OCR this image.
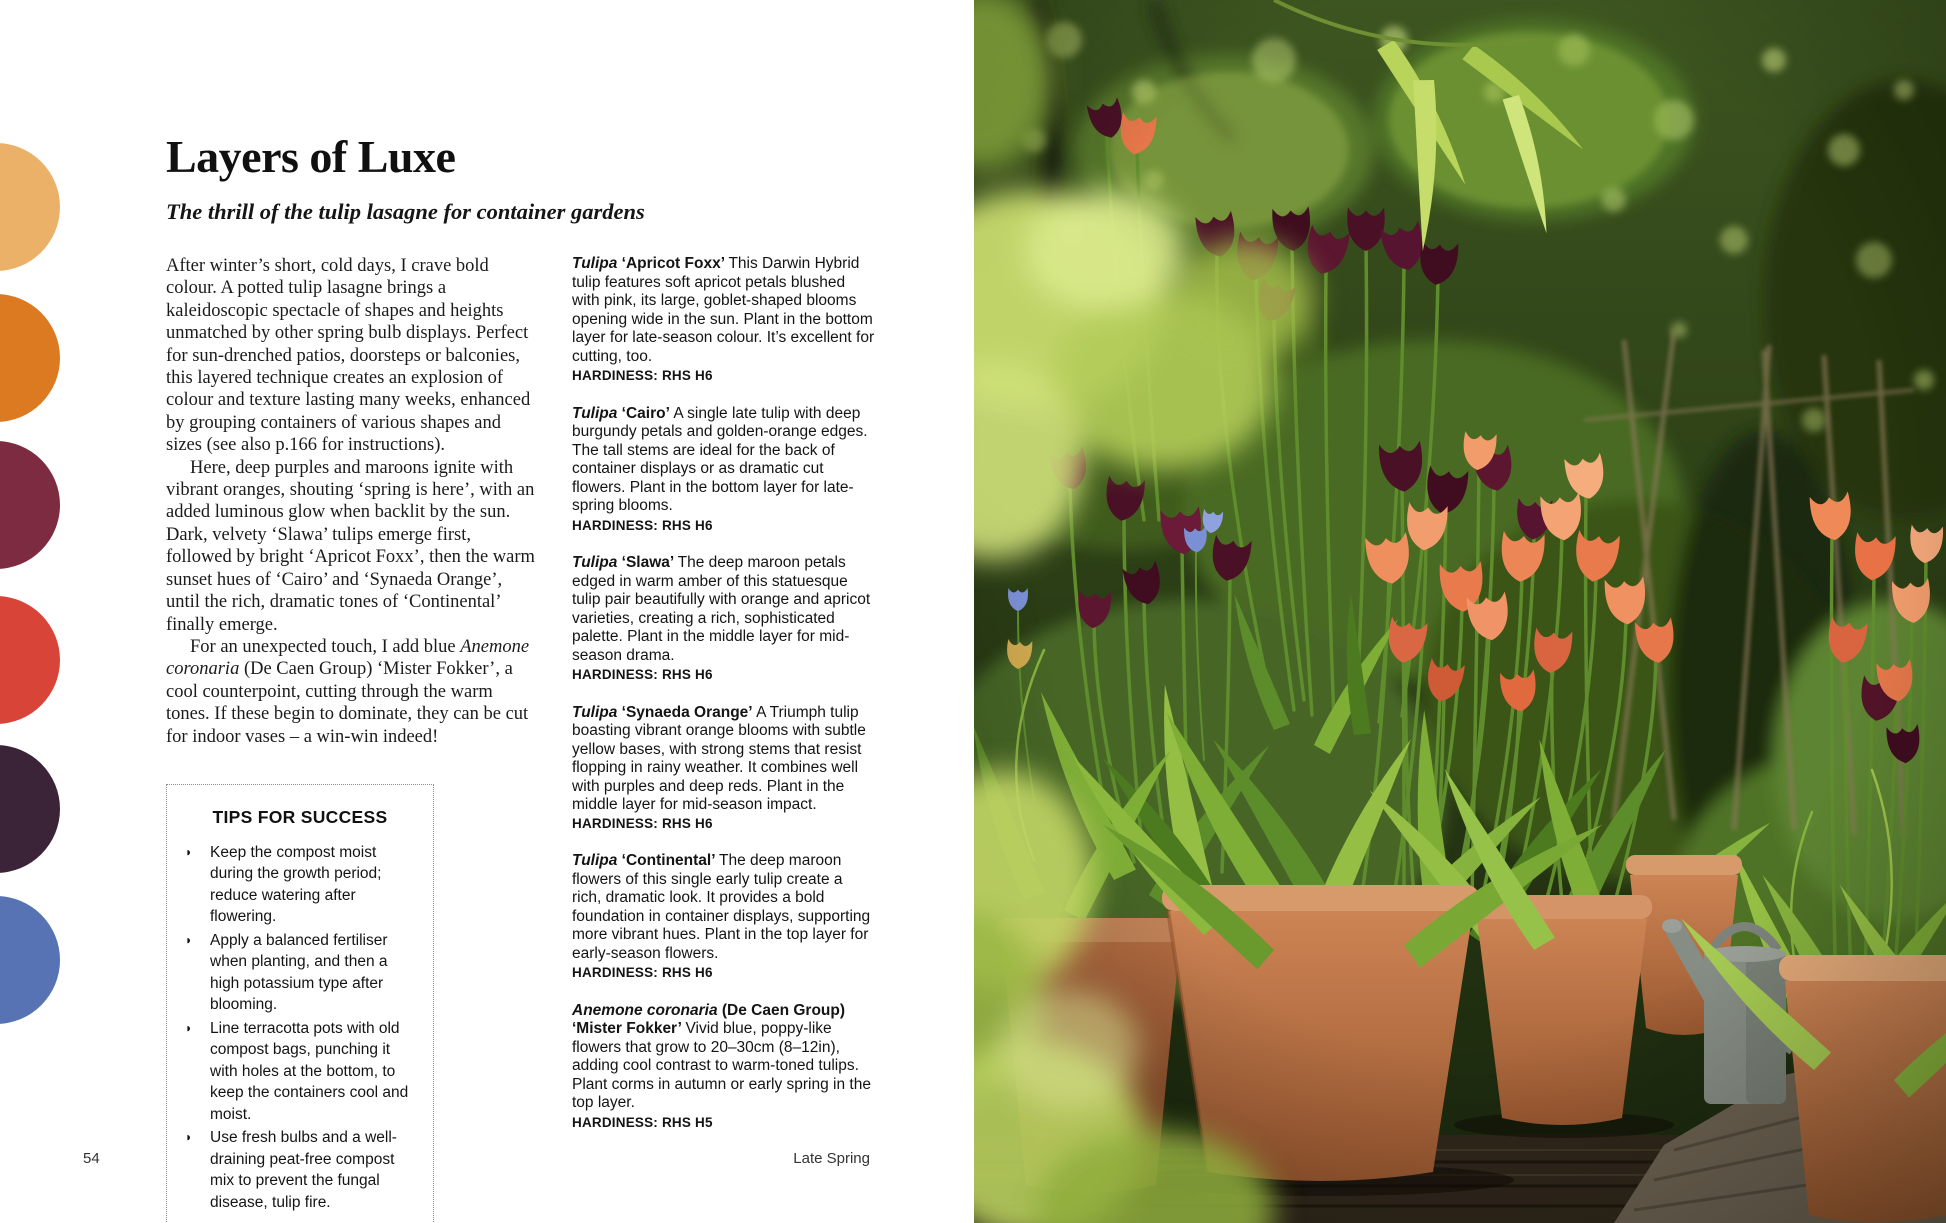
Layers of Luxe
The thrill of the tulip lasagne for container gardens

After winter’s short, cold days, I crave bold colour. A potted tulip lasagne brings a kaleidoscopic spectacle of shapes and heights unmatched by other spring bulb displays. Perfect for sun-drenched patios, doorsteps or balconies, this layered technique creates an explosion of colour and texture lasting many weeks, enhanced by grouping containers of various shapes and sizes (see also p.166 for instructions).

Here, deep purples and maroons ignite with vibrant oranges, shouting ‘spring is here’, with an added luminous glow when backlit by the sun. Dark, velvety ‘Slawa’ tulips emerge first, followed by bright ‘Apricot Foxx’, then the warm sunset hues of ‘Cairo’ and ‘Synaeda Orange’, until the rich, dramatic tones of ‘Continental’ finally emerge.

For an unexpected touch, I add blue Anemone coronaria (De Caen Group) ‘Mister Fokker’, a cool counterpoint, cutting through the warm tones. If these begin to dominate, they can be cut for indoor vases – a win-win indeed!

TIPS FOR SUCCESS
◗	Keep the compost moist during the growth period; reduce watering after flowering.
◗	Apply a balanced fertiliser when planting, and then a high potassium type after blooming.
◗	Line terracotta pots with old compost bags, punching it with holes at the bottom, to keep the containers cool and moist.
◗	Use fresh bulbs and a well-draining peat-free compost mix to prevent the fungal disease, tulip fire.

Tulipa ‘Apricot Foxx’ This Darwin Hybrid tulip features soft apricot petals blushed with pink, its large, goblet-shaped blooms opening wide in the sun. Plant in the bottom layer for late-season colour. It’s excellent for cutting, too.
HARDINESS: RHS H6

Tulipa ‘Cairo’ A single late tulip with deep burgundy petals and golden-orange edges. The tall stems are ideal for the back of container displays or as dramatic cut flowers. Plant in the bottom layer for late-spring blooms.
HARDINESS: RHS H6

Tulipa ‘Slawa’ The deep maroon petals edged in warm amber of this statuesque tulip pair beautifully with orange and apricot varieties, creating a rich, sophisticated palette. Plant in the middle layer for mid-season drama.
HARDINESS: RHS H6

Tulipa ‘Synaeda Orange’ A Triumph tulip boasting vibrant orange blooms with subtle yellow bases, with strong stems that resist flopping in rainy weather. It combines well with purples and deep reds. Plant in the middle layer for mid-season impact. HARDINESS: RHS H6

Tulipa ‘Continental’ The deep maroon flowers of this single early tulip create a rich, dramatic look. It provides a bold foundation in container displays, supporting more vibrant hues. Plant in the top layer for early-season flowers.
HARDINESS: RHS H6

Anemone coronaria (De Caen Group) ‘Mister Fokker’ Vivid blue, poppy-like flowers that grow to 20–30cm (8–12in), adding cool contrast to warm-toned tulips. Plant corms in autumn or early spring in the top layer.
HARDINESS: RHS H5

54	Late Spring
